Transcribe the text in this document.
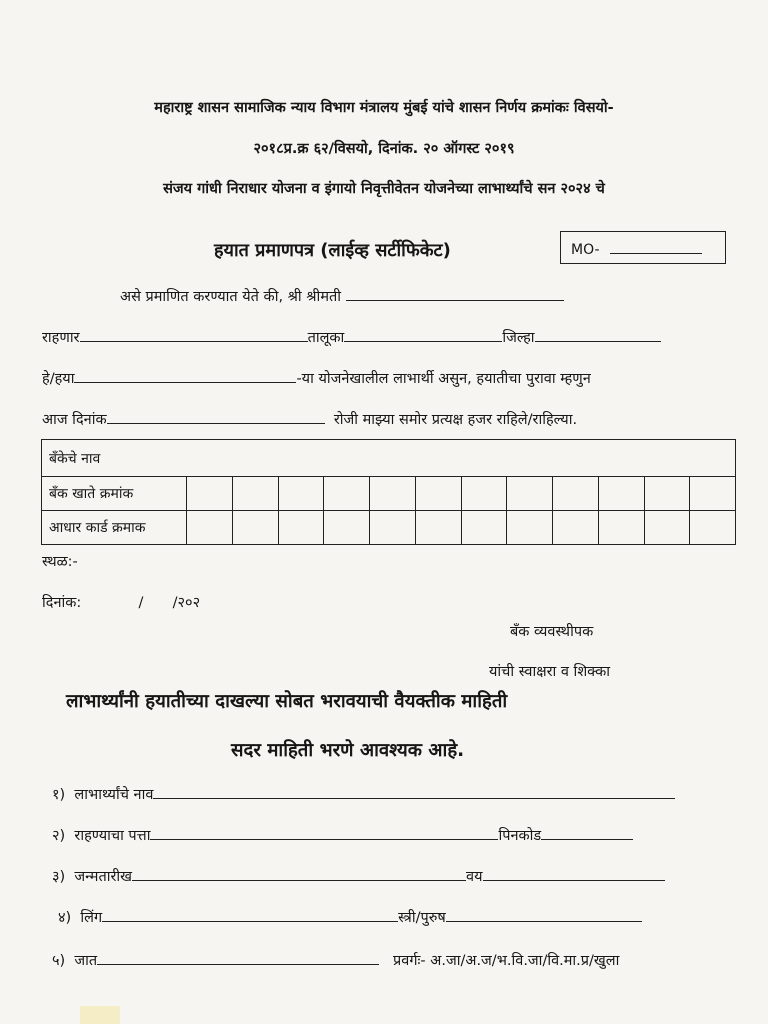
महाराष्ट्र शासन सामाजिक न्याय विभाग मंत्रालय मुंबई यांचे शासन निर्णय क्रमांकः विसयो-
२०१८प्र.क्र ६२/विसयो, दिनांक. २० ऑगस्ट २०१९
संजय गांधी निराधार योजना व इंगायो निवृत्तीवेतन योजनेच्या लाभार्थ्यांचे सन २०२४ चे
हयात प्रमाणपत्र (लाईव्ह सर्टीफिकेट)	MO-
असे प्रमाणित करण्यात येते की, श्री श्रीमती
राहणार	तालूका	जिल्हा
हे/हया	-या योजनेखालील लाभार्थी असुन, हयातीचा पुरावा म्हणुन
आज दिनांक	रोजी माझ्या समोर प्रत्यक्ष हजर राहिले/राहिल्या.
बँकेचे नाव												
बँक खाते क्रमांक												
आधार कार्ड क्रमाक												
स्थळ:-
दिनांक:	/ /२०२
बँक व्यवस्थीपक
यांची स्वाक्षरा व शिक्का
लाभार्थ्यांनी हयातीच्या दाखल्या सोबत भरावयाची वैयक्तीक माहिती
सदर माहिती भरणे आवश्यक आहे.
१) लाभार्थ्यांचे नाव
२) राहण्याचा पत्ता	पिनकोड
३) जन्मतारीख	वय
४) लिंग	स्त्री/पुरुष
५) जात	प्रवर्गः- अ.जा/अ.ज/भ.वि.जा/वि.मा.प्र/खुला
